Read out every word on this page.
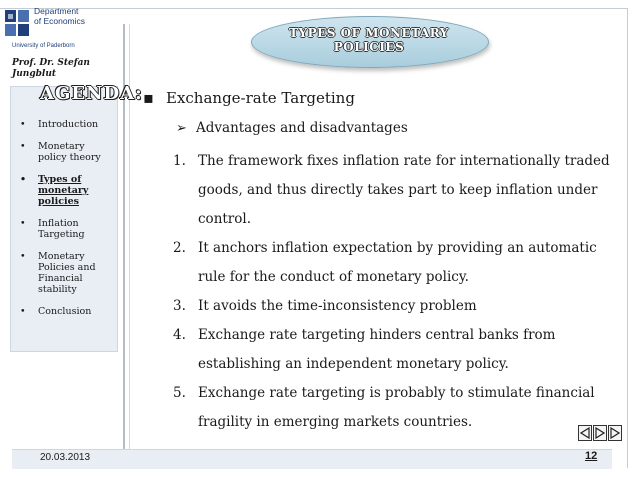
Department
of Economics
University of Paderborn
Prof. Dr. Stefan Jungblut
AGENDA:
• Introduction
• Monetary policy theory
• Types of monetary policies
• Inflation Targeting
• Monetary Policies and Financial stability
• Conclusion
TYPES OF MONETARY
POLICIES
▪ Exchange-rate Targeting
➢ Advantages and disadvantages
1. The framework fixes inflation rate for internationally traded goods, and thus directly takes part to keep inflation under control.
2. It anchors inflation expectation by providing an automatic rule for the conduct of monetary policy.
3. It avoids the time-inconsistency problem
4. Exchange rate targeting hinders central banks from establishing an independent monetary policy.
5. Exchange rate targeting is probably to stimulate financial fragility in emerging markets countries.
20.03.2013	12
